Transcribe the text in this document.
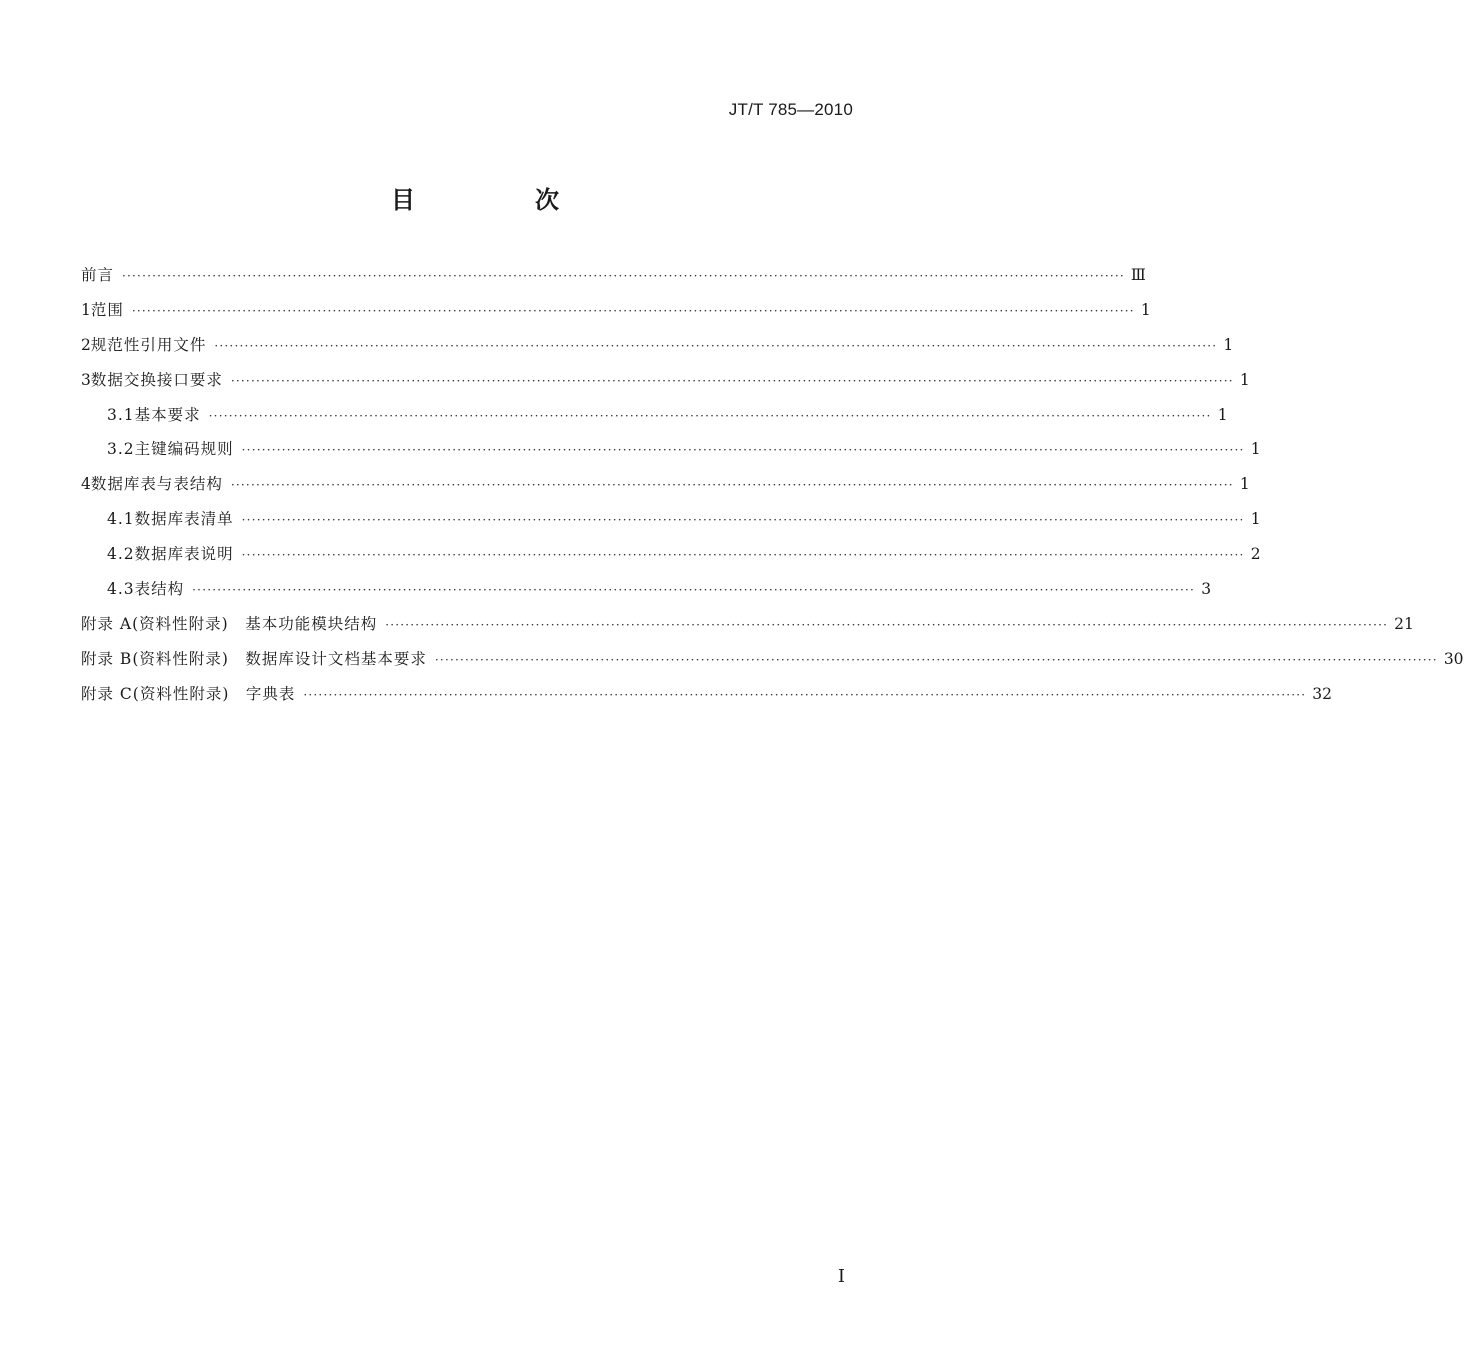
JT/T 785—2010
目　次
前言 ········································································································································································································ Ⅲ
1 范围 ········································································································································································································ 1
2 规范性引用文件 ········································································································································································································ 1
3 数据交换接口要求 ········································································································································································································ 1
3.1 基本要求 ········································································································································································································ 1
3.2 主键编码规则 ········································································································································································································ 1
4 数据库表与表结构 ········································································································································································································ 1
4.1 数据库表清单 ········································································································································································································ 1
4.2 数据库表说明 ········································································································································································································ 2
4.3 表结构 ········································································································································································································ 3
附录 A(资料性附录)　基本功能模块结构 ········································································································································································································ 21
附录 B(资料性附录)　数据库设计文档基本要求 ········································································································································································································ 30
附录 C(资料性附录)　字典表 ········································································································································································································ 32
I
